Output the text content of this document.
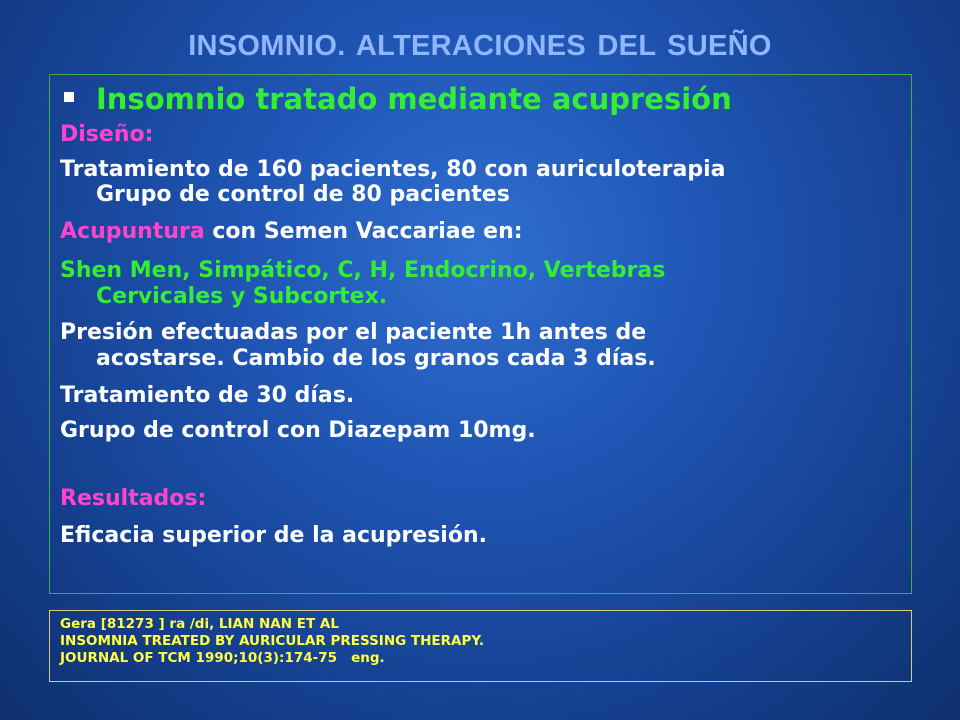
INSOMNIO. ALTERACIONES DEL SUEÑO

Insomnio tratado mediante acupresión

Diseño:

Tratamiento de 160 pacientes, 80 con auriculoterapia

Grupo de control de 80 pacientes

Acupuntura con Semen Vaccariae en:

Shen Men, Simpático, C, H, Endocrino, Vertebras

Cervicales y Subcortex.

Presión efectuadas por el paciente 1h antes de

acostarse. Cambio de los granos cada 3 días.

Tratamiento de 30 días.

Grupo de control con Diazepam 10mg.

Resultados:

Eficacia superior de la acupresión.

Gera [81273 ] ra /di, LIAN NAN ET AL

INSOMNIA TREATED BY AURICULAR PRESSING THERAPY.

JOURNAL OF TCM 1990;10(3):174-75   eng.
